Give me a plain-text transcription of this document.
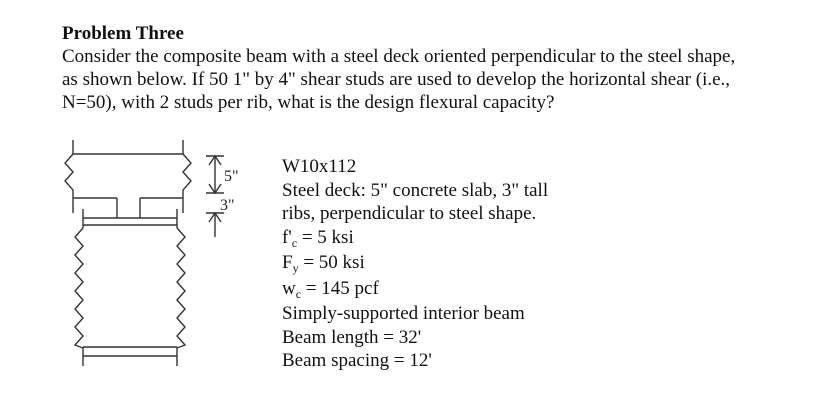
Problem Three
Consider the composite beam with a steel deck oriented perpendicular to the steel shape,
as shown below. If 50 1" by 4" shear studs are used to develop the horizontal shear (i.e.,
N=50), with 2 studs per rib, what is the design flexural capacity?
5"
3"
W10x112
Steel deck: 5" concrete slab, 3" tall
ribs, perpendicular to steel shape.
$f'_c = 5$ ksi
$F_y = 50$ ksi
$w_c = 145$ pcf
Simply-supported interior beam
Beam length = 32'
Beam spacing = 12'
